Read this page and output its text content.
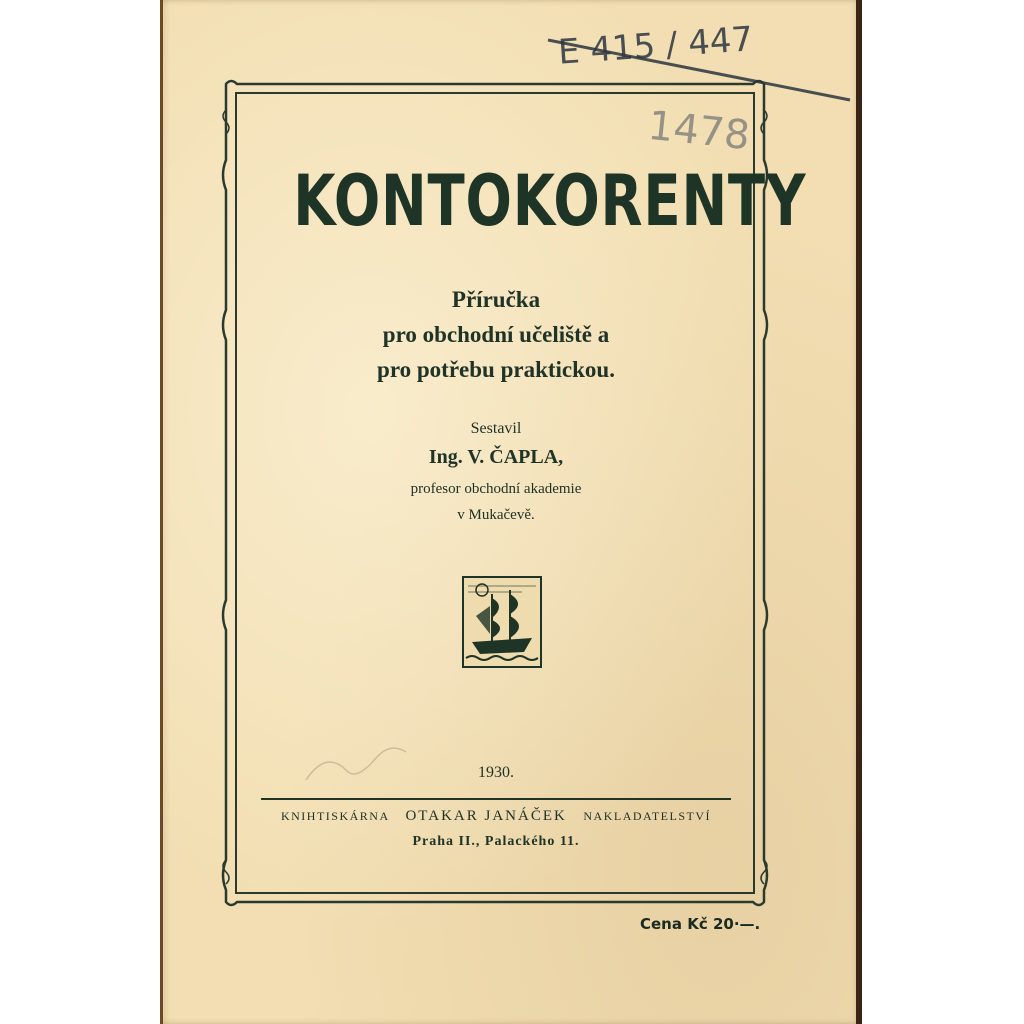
E 415 / 447
1478
KONTOKORENTY
Příručka
pro obchodní učeliště a
pro potřebu praktickou.
Sestavil
Ing. V. ČAPLA,
profesor obchodní akademie
v Mukačevě.
1930.
KNIHTISKÁRNA OTAKAR JANÁČEK NAKLADATELSTVÍ
Praha II., Palackého 11.
Cena Kč 20·—.
